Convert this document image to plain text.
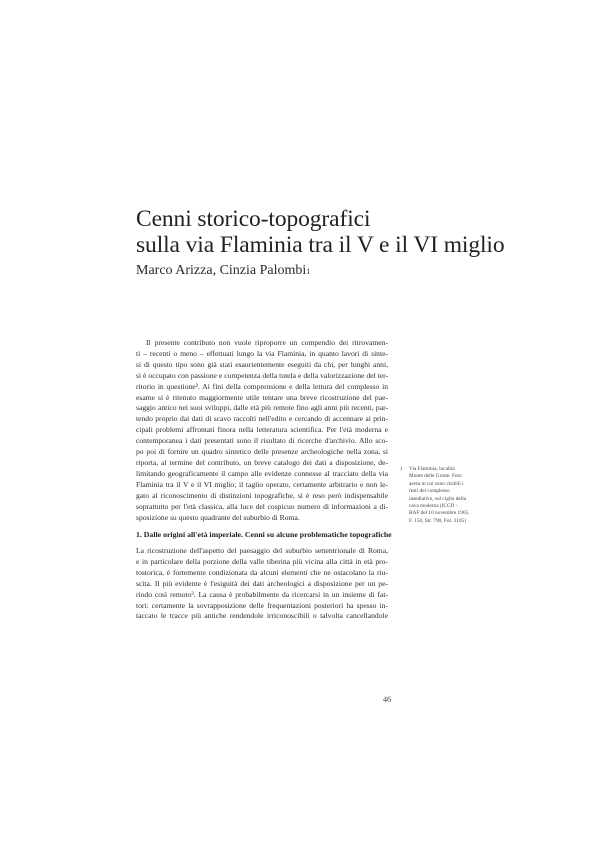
Cenni storico-topografici
sulla via Flaminia tra il V e il VI miglio
Marco Arizza, Cinzia Palombi$^1$
Il presente contributo non vuole riproporre un compendio dei ritrovamen-
ti – recenti o meno – effettuati lungo la via Flaminia, in quanto lavori di sinte-
si di questo tipo sono già stati esaurientemente eseguiti da chi, per lunghi anni,
si è occupato con passione e competenza della tutela e della valorizzazione del ter-
ritorio in questione². Ai fini della comprensione e della lettura del complesso in
esame si è ritenuto maggiormente utile tentare una breve ricostruzione del pae-
saggio antico nei suoi sviluppi, dalle età più remote fino agli anni più recenti, par-
tendo proprio dai dati di scavo raccolti nell'edito e cercando di accennare ai prin-
cipali problemi affrontati finora nella letteratura scientifica. Per l'età moderna e
contemporanea i dati presentati sono il risultato di ricerche d'archivio. Allo sco-
po poi di fornire un quadro sintetico delle presenze archeologiche nella zona, si
riporta, al termine del contributo, un breve catalogo dei dati a disposizione, de-
limitando geograficamente il campo alle evidenze connesse al tracciato della via
Flaminia tra il V e il VI miglio; il taglio operato, certamente arbitrario e non le-
gato al riconoscimento di distinzioni topografiche, si è reso però indispensabile
soprattutto per l'età classica, alla luce del cospicuo numero di informazioni a di-
sposizione su questo quadrante del suburbio di Roma.
1. Dalle origini all'età imperiale. Cenni su alcune problematiche topografiche
La ricostruzione dell'aspetto del paesaggio del suburbio settentrionale di Roma,
e in particolare della porzione della valle tiberina più vicina alla città in età pro-
tostorica, è fortemente condizionata da alcuni elementi che ne ostacolano la riu-
scita. Il più evidente è l'esiguità dei dati archeologici a disposizione per un pe-
riodo così remoto³. La causa è probabilmente da ricercarsi in un insieme di fat-
tori: certamente la sovrapposizione delle frequentazioni posteriori ha spesso in-
taccato le tracce più antiche rendendole irriconoscibili o talvolta cancellandole
1 Via Flaminia, località
Monte delle Grotte. Foto
aerea in cui sono visibili i
resti del complesso
insediativo, sul ciglio della
cava moderna (ICCD -
RAF del 10 novembre 1965,
F. 150, Str. 790, Fot. 3105)
46
